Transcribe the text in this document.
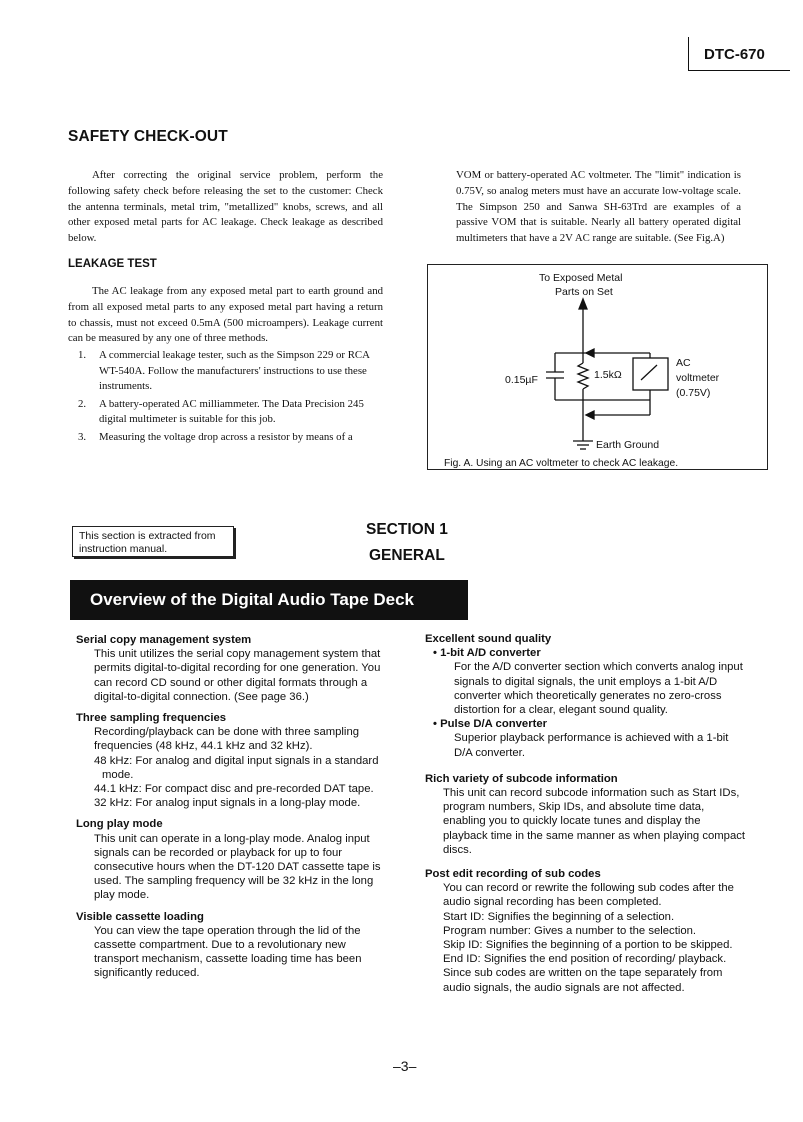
DTC-670
SAFETY CHECK-OUT

After correcting the original service problem, perform the following safety check before releasing the set to the customer: Check the antenna terminals, metal trim, "metallized" knobs, screws, and all other exposed metal parts for AC leakage. Check leakage as described below.

LEAKAGE TEST

The AC leakage from any exposed metal part to earth ground and from all exposed metal parts to any exposed metal part having a return to chassis, must not exceed 0.5mA (500 microampers). Leakage current can be measured by any one of three methods.

1. A commercial leakage tester, such as the Simpson 229 or RCA WT-540A. Follow the manufacturers' instructions to use these instruments.
2. A battery-operated AC milliammeter. The Data Precision 245 digital multimeter is suitable for this job.
3. Measuring the voltage drop across a resistor by means of a

VOM or battery-operated AC voltmeter. The "limit" indication is 0.75V, so analog meters must have an accurate low-voltage scale. The Simpson 250 and Sanwa SH-63Trd are examples of a passive VOM that is suitable. Nearly all battery operated digital multimeters that have a 2V AC range are suitable. (See Fig.A)

To Exposed Metal
Parts on Set
0.15µF	1.5kΩ
AC
voltmeter
(0.75V)
Earth Ground
Fig. A. Using an AC voltmeter to check AC leakage.
This section is extracted from
instruction manual.
SECTION 1
GENERAL
Overview of the Digital Audio Tape Deck
Serial copy management system

This unit utilizes the serial copy management system that permits digital-to-digital recording for one generation. You can record CD sound or other digital formats through a digital-to-digital connection. (See page 36.)

Three sampling frequencies

Recording/playback can be done with three sampling frequencies (48 kHz, 44.1 kHz and 32 kHz).

48 kHz: For analog and digital input signals in a standard mode.
44.1 kHz: For compact disc and pre-recorded DAT tape.
32 kHz: For analog input signals in a long-play mode.
Long play mode

This unit can operate in a long-play mode. Analog input signals can be recorded or playback for up to four consecutive hours when the DT-120 DAT cassette tape is used. The sampling frequency will be 32 kHz in the long play mode.

Visible cassette loading

You can view the tape operation through the lid of the cassette compartment. Due to a revolutionary new transport mechanism, cassette loading time has been significantly reduced.

Excellent sound quality
• 1-bit A/D converter
For the A/D converter section which converts analog input signals to digital signals, the unit employs a 1-bit A/D converter which theoretically generates no zero-cross distortion for a clear, elegant sound quality.
• Pulse D/A converter
Superior playback performance is achieved with a 1-bit D/A converter.
Rich variety of subcode information

This unit can record subcode information such as Start IDs, program numbers, Skip IDs, and absolute time data, enabling you to quickly locate tunes and display the playback time in the same manner as when playing compact discs.

Post edit recording of sub codes

You can record or rewrite the following sub codes after the audio signal recording has been completed.

Start ID: Signifies the beginning of a selection.
Program number: Gives a number to the selection.
Skip ID: Signifies the beginning of a portion to be skipped.
End ID: Signifies the end position of recording/ playback.

Since sub codes are written on the tape separately from audio signals, the audio signals are not affected.

–3–
